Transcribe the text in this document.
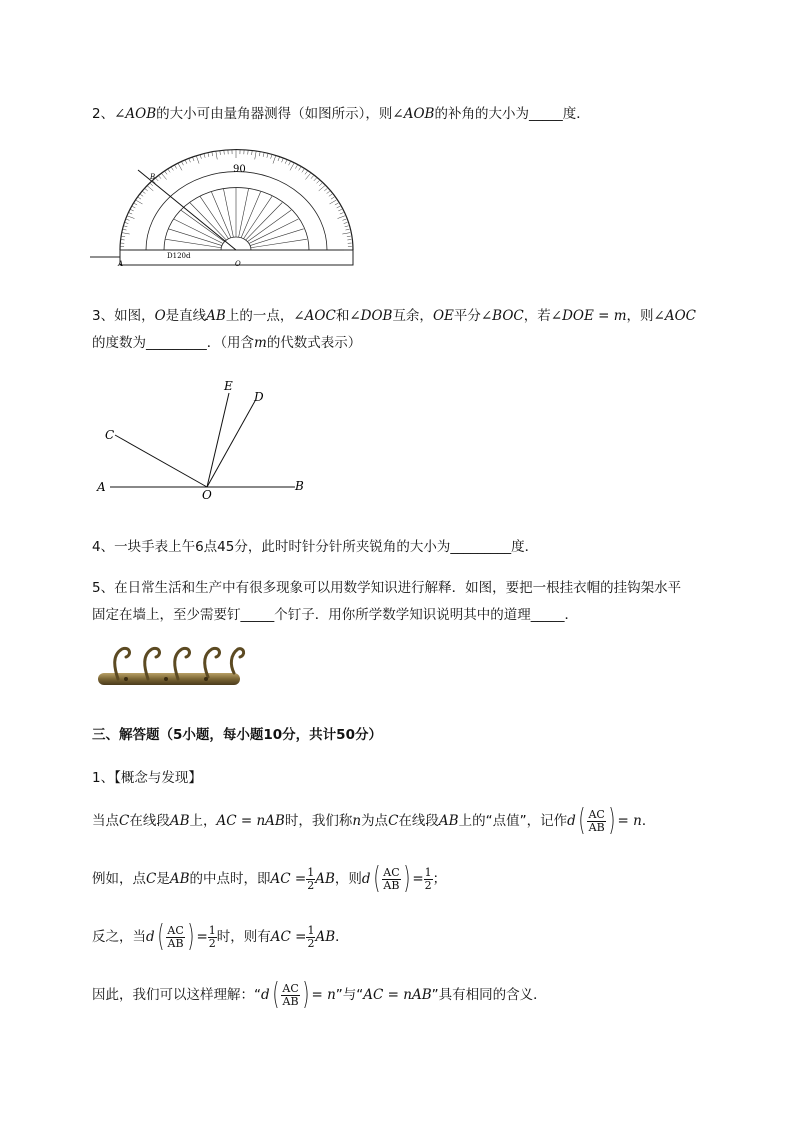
2、∠AOB的大小可由量角器测得（如图所示），则∠AOB的补角的大小为_____度．
90
B
A	O
D120d
3、如图，O是直线AB上的一点，∠AOC和∠DOB互余，OE平分∠BOC，若∠DOE = m，则∠AOC
的度数为_________．（用含m的代数式表示）
A	B
C
D
E
O
4、一块手表上午6点45分，此时时针分针所夹锐角的大小为_________度．
5、在日常生活和生产中有很多现象可以用数学知识进行解释．如图，要把一根挂衣帽的挂钩架水平
固定在墙上，至少需要钉_____个钉子．用你所学数学知识说明其中的道理_____．
三、解答题（5小题，每小题10分，共计50分）
1、【概念与发现】
当点C在线段AB上，AC = nAB时，我们称n为点C在线段AB上的“点值”，记作$d( \frac{AC}{AB}$ ) = n．
例如，点C是AB的中点时，即AC = $\frac{1}{2}$ AB，则$d( \frac{AC}{AB}$ ) = $\frac{1}{2}$ ；
反之，当$d( \frac{AC}{AB}$ ) = $\frac{1}{2}$ 时，则有AC = $\frac{1}{2}$ AB．
因此，我们可以这样理解：“$d( \frac{AC}{AB}$ ) = n”与“AC = nAB”具有相同的含义．
